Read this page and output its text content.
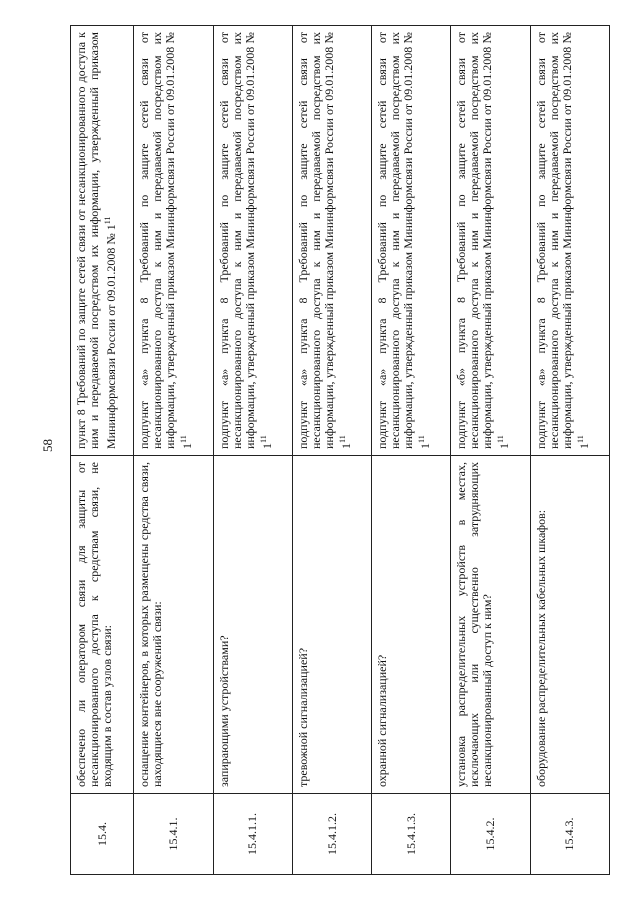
58
15.4.	обеспечено ли оператором связи для защиты от несанкционированного доступа к средствам связи, не входящим в состав узлов связи:	пункт 8 Требований по защите сетей связи от несанкционированного доступа к ним и передаваемой посредством их информации, утвержденный приказом Мининформсвязи России от 09.01.2008 № $1^{11}$
15.4.1.	оснащение контейнеров, в которых размещены средства связи, находящиеся вне сооружений связи:	подпункт «а» пункта 8 Требований по защите сетей связи от несанкционированного доступа к ним и передаваемой посредством их информации, утвержденный приказом Мининформсвязи России от 09.01.2008 № $1^{11}$
15.4.1.1.	запирающими устройствами?	подпункт «а» пункта 8 Требований по защите сетей связи от несанкционированного доступа к ним и передаваемой посредством их информации, утвержденный приказом Мининформсвязи России от 09.01.2008 № $1^{11}$
15.4.1.2.	тревожной сигнализацией?	подпункт «а» пункта 8 Требований по защите сетей связи от несанкционированного доступа к ним и передаваемой посредством их информации, утвержденный приказом Мининформсвязи России от 09.01.2008 № $1^{11}$
15.4.1.3.	охранной сигнализацией?	подпункт «а» пункта 8 Требований по защите сетей связи от несанкционированного доступа к ним и передаваемой посредством их информации, утвержденный приказом Мининформсвязи России от 09.01.2008 № $1^{11}$
15.4.2.	установка распределительных устройств в местах, исключающих или существенно затрудняющих несанкционированный доступ к ним?	подпункт «б» пункта 8 Требований по защите сетей связи от несанкционированного доступа к ним и передаваемой посредством их информации, утвержденный приказом Мининформсвязи России от 09.01.2008 № $1^{11}$
15.4.3.	оборудование распределительных кабельных шкафов:	подпункт «в» пункта 8 Требований по защите сетей связи от несанкционированного доступа к ним и передаваемой посредством их информации, утвержденный приказом Мининформсвязи России от 09.01.2008 № $1^{11}$
